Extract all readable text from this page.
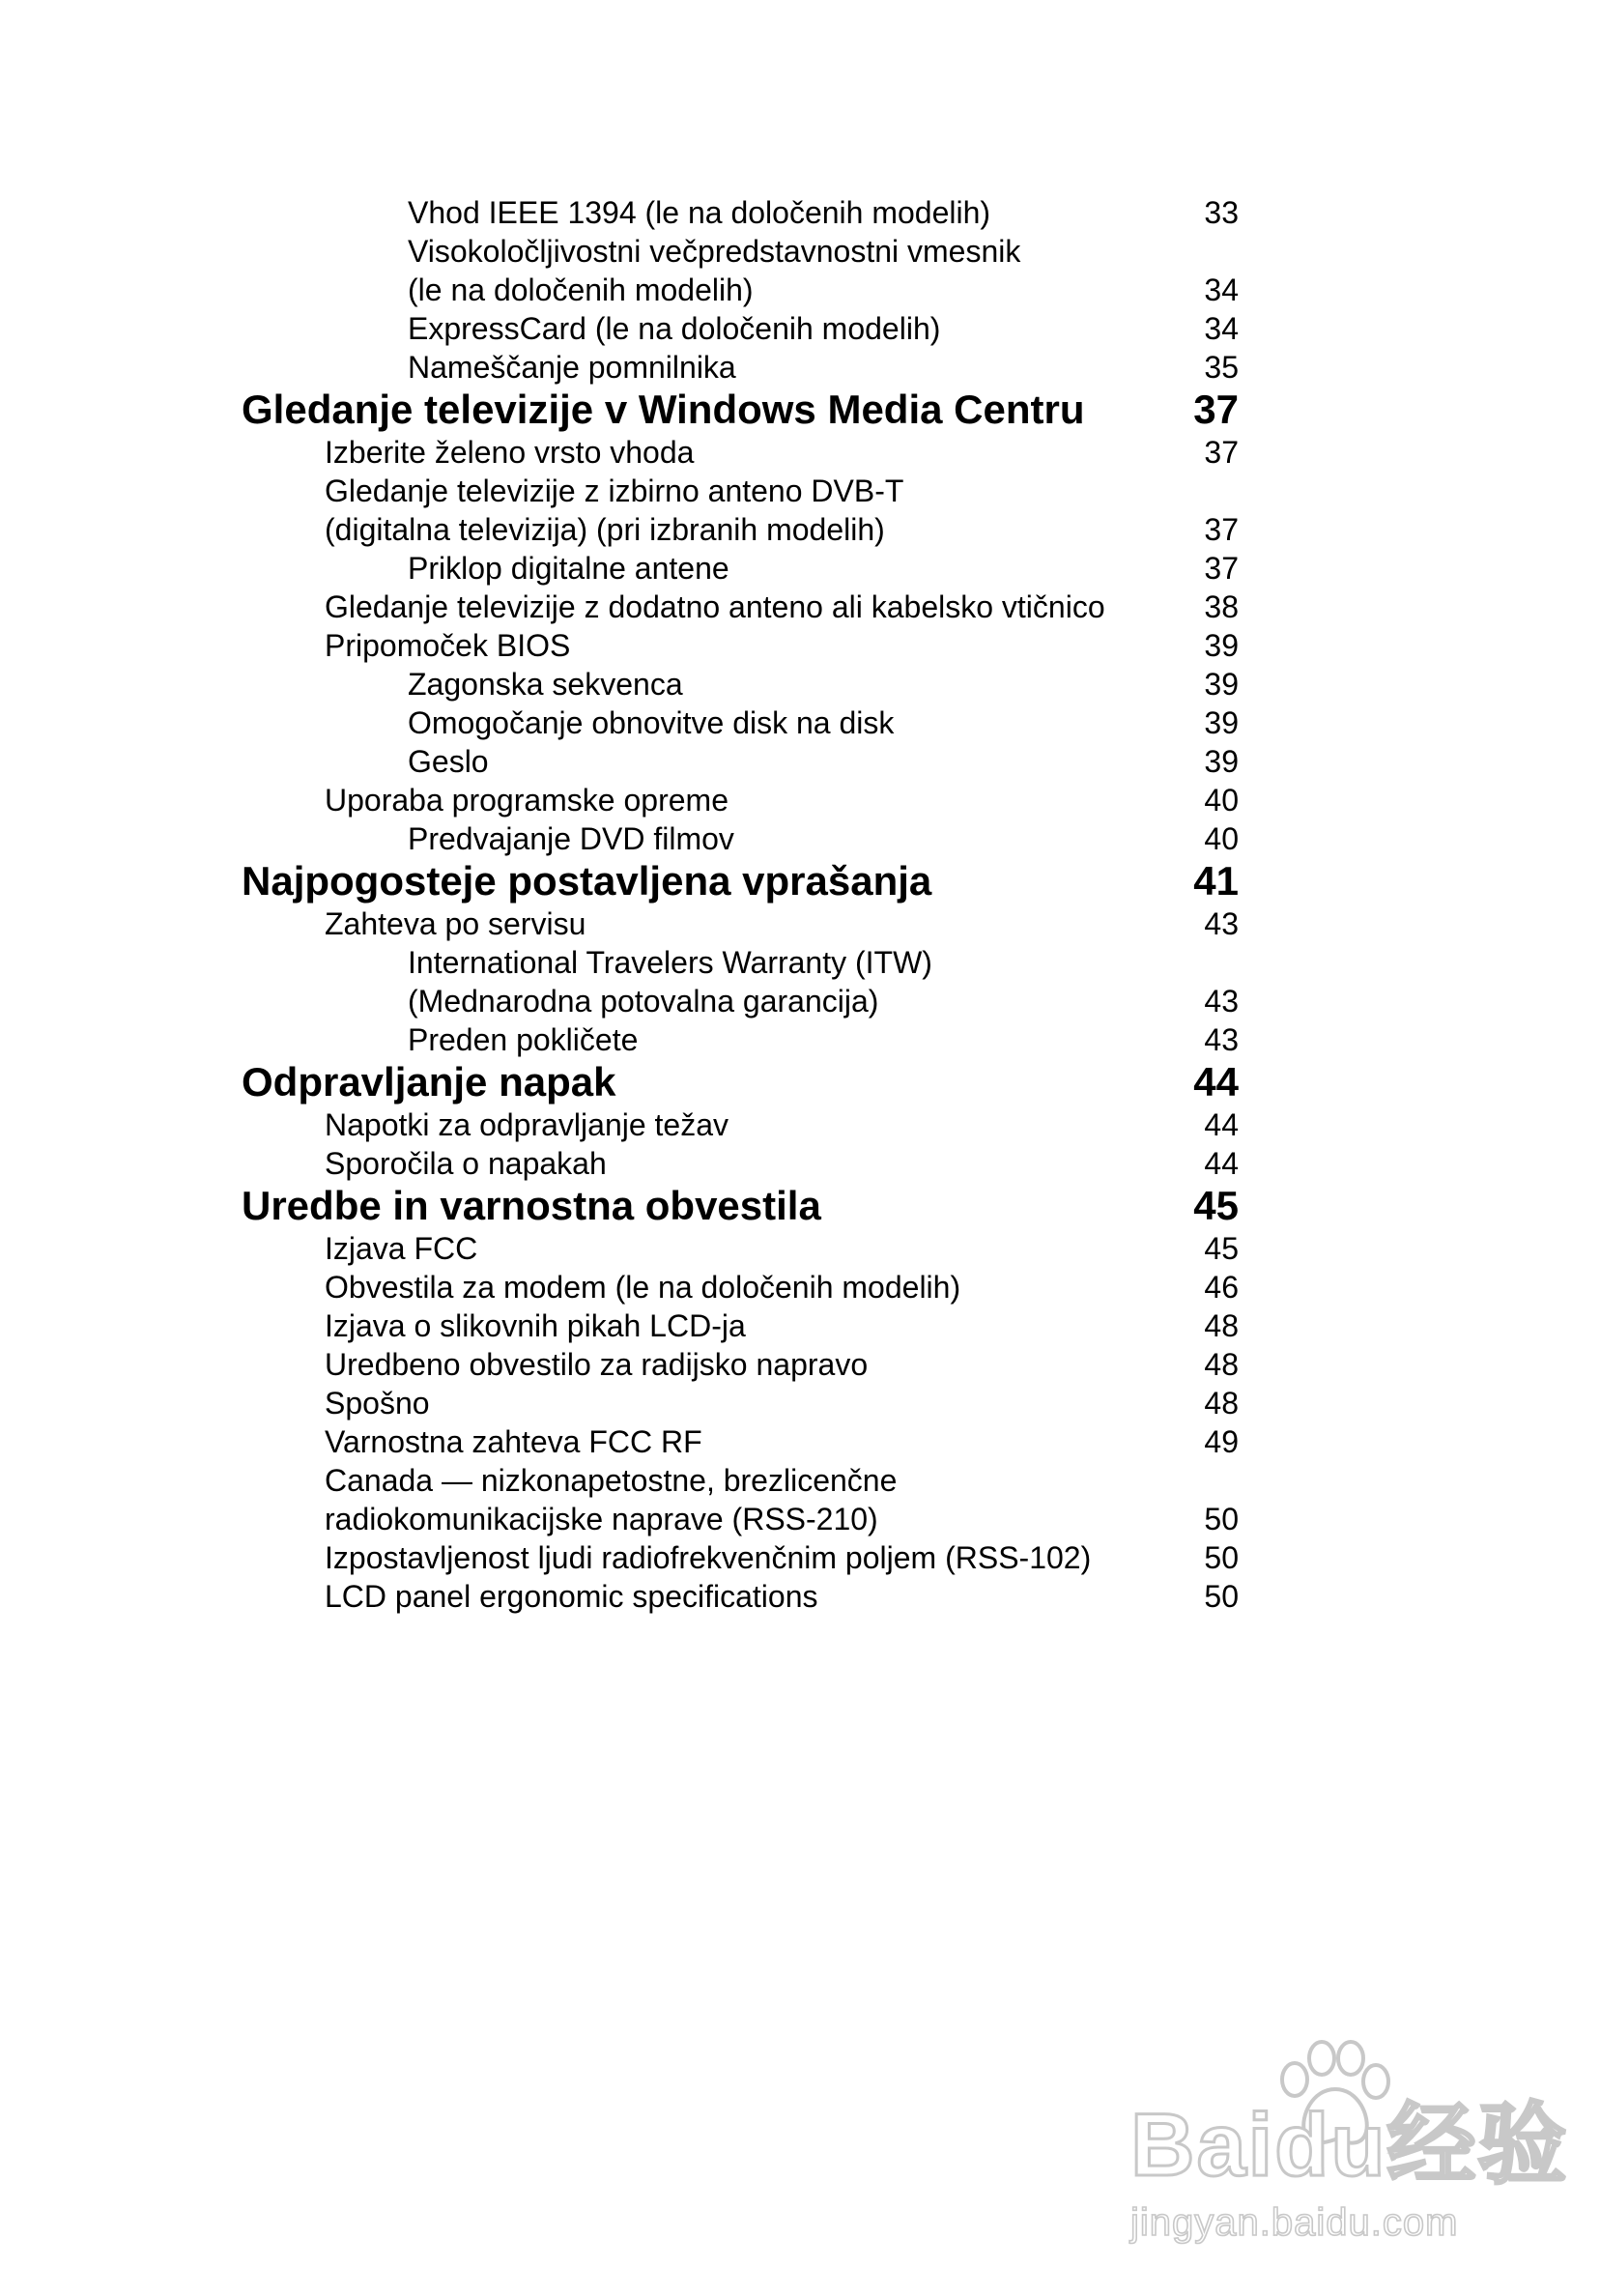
Vhod IEEE 1394 (le na določenih modelih)	33
Visokoločljivostni večpredstavnostni vmesnik
(le na določenih modelih)	34
ExpressCard (le na določenih modelih)	34
Nameščanje pomnilnika	35
Gledanje televizije v Windows Media Centru	37
Izberite želeno vrsto vhoda	37
Gledanje televizije z izbirno anteno DVB-T
(digitalna televizija) (pri izbranih modelih)	37
Priklop digitalne antene	37
Gledanje televizije z dodatno anteno ali kabelsko vtičnico	38
Pripomoček BIOS	39
Zagonska sekvenca	39
Omogočanje obnovitve disk na disk	39
Geslo	39
Uporaba programske opreme	40
Predvajanje DVD filmov	40
Najpogosteje postavljena vprašanja	41
Zahteva po servisu	43
International Travelers Warranty (ITW)
(Mednarodna potovalna garancija)	43
Preden pokličete	43
Odpravljanje napak	44
Napotki za odpravljanje težav	44
Sporočila o napakah	44
Uredbe in varnostna obvestila	45
Izjava FCC	45
Obvestila za modem (le na določenih modelih)	46
Izjava o slikovnih pikah LCD-ja	48
Uredbeno obvestilo za radijsko napravo	48
Spošno	48
Varnostna zahteva FCC RF	49
Canada — nizkonapetostne, brezlicenčne
radiokomunikacijske naprave (RSS-210)	50
Izpostavljenost ljudi radiofrekvenčnim poljem (RSS-102)	50
LCD panel ergonomic specifications	50
Baidu经验
jingyan.baidu.com
